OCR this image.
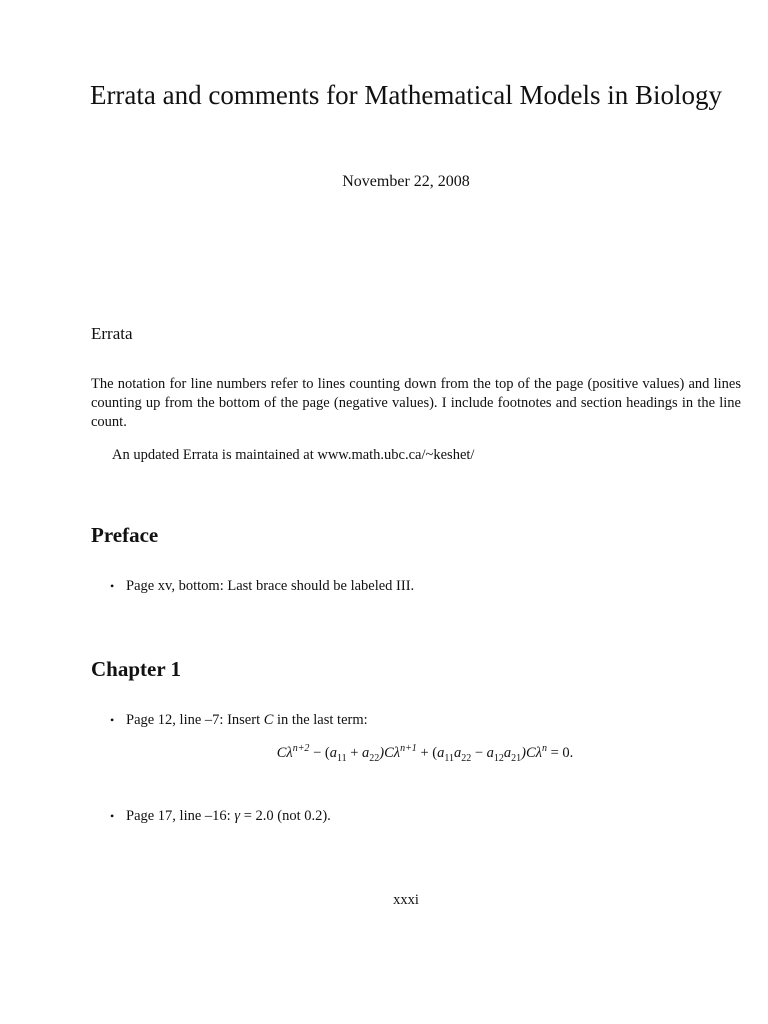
Errata and comments for Mathematical Models in Biology
November 22, 2008
Errata

The notation for line numbers refer to lines counting down from the top of the page (positive values) and lines counting up from the bottom of the page (negative values). I include footnotes and section headings in the line count.

An updated Errata is maintained at www.math.ubc.ca/~keshet/

Preface
• Page xv, bottom: Last brace should be labeled III.
Chapter 1
• Page 12, line –7: Insert C in the last term:
$C\lambda^{n+2} - (a_{11} + a_{22})C\lambda^{n+1} + (a_{11}a_{22} - a_{12}a_{21})C\lambda^n = 0$.
• Page 17, line –16: γ = 2.0 (not 0.2).
xxxi
